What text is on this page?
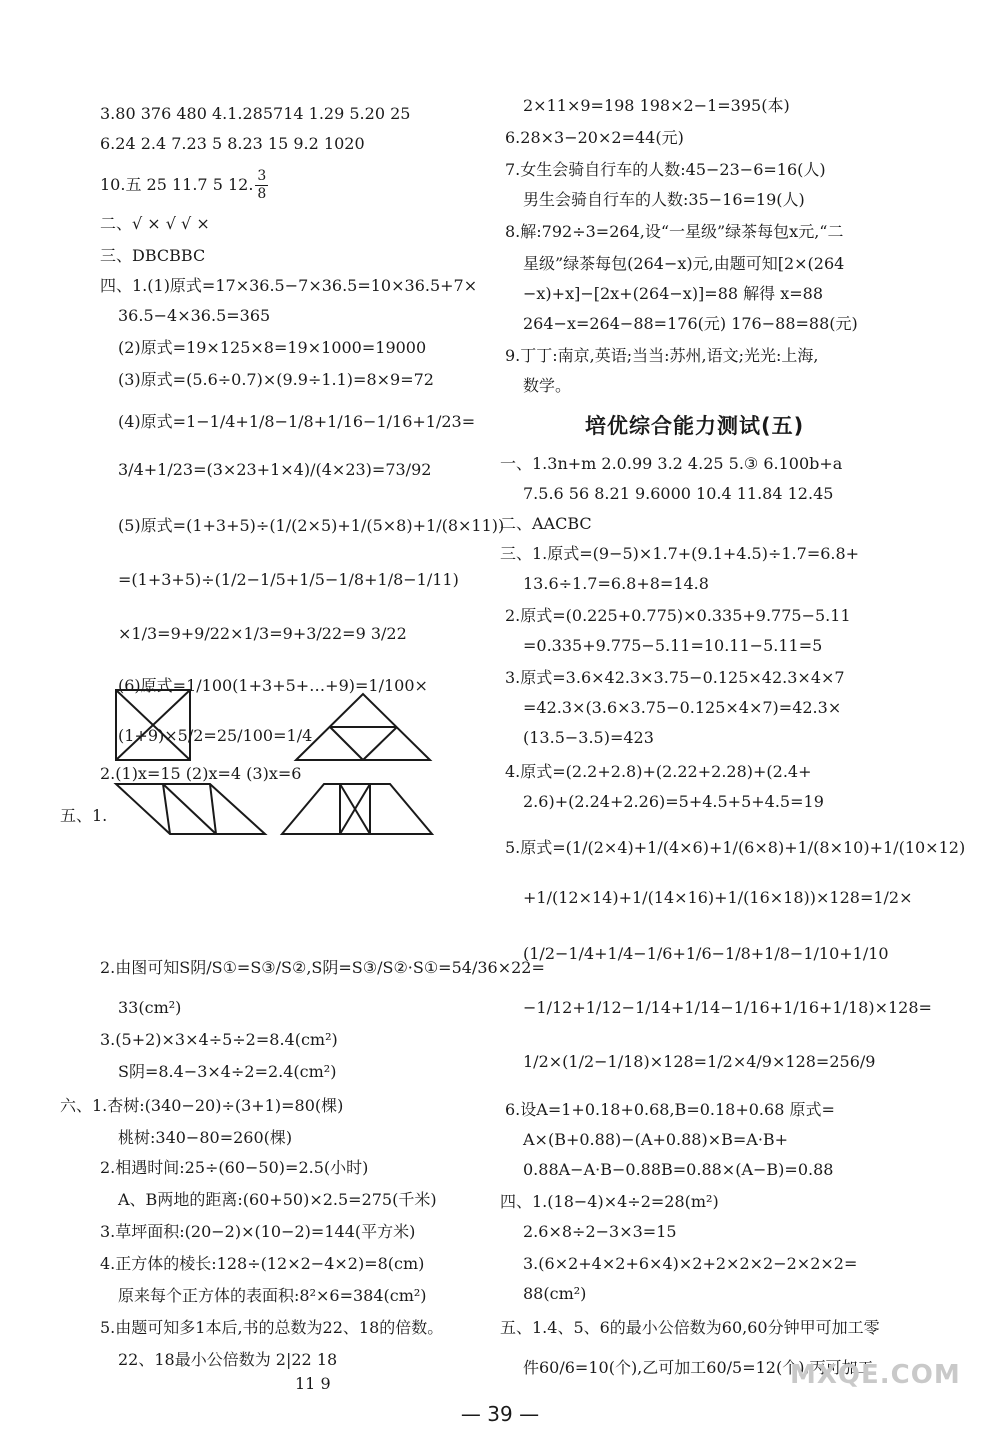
3.80 376 480 4.1.285714 1.29 5.20 25
6.24 2.4 7.23 5 8.23 15 9.2 1020
10.五 25 11.7 5 12. $\frac{3}{8}$
二、√ × √ √ ×
三、DBCBBC
四、1.(1)原式=17×36.5−7×36.5=10×36.5+7×
36.5−4×36.5=365
(2)原式=19×125×8=19×1000=19000
(3)原式=(5.6÷0.7)×(9.9÷1.1)=8×9=72
(4)原式=1−1/4+1/8−1/8+1/16−1/16+1/23=
3/4+1/23=(3×23+1×4)/(4×23)=73/92
(5)原式=(1+3+5)÷(1/(2×5)+1/(5×8)+1/(8×11))
=(1+3+5)÷(1/2−1/5+1/5−1/8+1/8−1/11)
×1/3=9+9/22×1/3=9+3/22=9 3/22
(6)原式=1/100(1+3+5+…+9)=1/100×
(1+9)×5/2=25/100=1/4
2.(1)x=15 (2)x=4 (3)x=6
五、1.
2.由图可知S阴/S①=S③/S②,S阴=S③/S②·S①=54/36×22=
33(cm²)
3.(5+2)×3×4÷5÷2=8.4(cm²)
S阴=8.4−3×4÷2=2.4(cm²)
六、1.杏树:(340−20)÷(3+1)=80(棵)
桃树:340−80=260(棵)
2.相遇时间:25÷(60−50)=2.5(小时)
A、B两地的距离:(60+50)×2.5=275(千米)
3.草坪面积:(20−2)×(10−2)=144(平方米)
4.正方体的棱长:128÷(12×2−4×2)=8(cm)
原来每个正方体的表面积:8²×6=384(cm²)
5.由题可知多1本后,书的总数为22、18的倍数。
22、18最小公倍数为 2|22 18
11 9
2×11×9=198 198×2−1=395(本)
6.28×3−20×2=44(元)
7.女生会骑自行车的人数:45−23−6=16(人)
男生会骑自行车的人数:35−16=19(人)
8.解:792÷3=264,设“一星级”绿茶每包x元,“二
星级”绿茶每包(264−x)元,由题可知[2×(264
−x)+x]−[2x+(264−x)]=88 解得 x=88
264−x=264−88=176(元) 176−88=88(元)
9.丁丁:南京,英语;当当:苏州,语文;光光:上海,
数学。
培优综合能力测试(五)
一、1.3n+m 2.0.99 3.2 4.25 5.③ 6.100b+a
7.5.6 56 8.21 9.6000 10.4 11.84 12.45
二、AACBC
三、1.原式=(9−5)×1.7+(9.1+4.5)÷1.7=6.8+
13.6÷1.7=6.8+8=14.8
2.原式=(0.225+0.775)×0.335+9.775−5.11
=0.335+9.775−5.11=10.11−5.11=5
3.原式=3.6×42.3×3.75−0.125×42.3×4×7
=42.3×(3.6×3.75−0.125×4×7)=42.3×
(13.5−3.5)=423
4.原式=(2.2+2.8)+(2.22+2.28)+(2.4+
2.6)+(2.24+2.26)=5+4.5+5+4.5=19
5.原式=(1/(2×4)+1/(4×6)+1/(6×8)+1/(8×10)+1/(10×12)
+1/(12×14)+1/(14×16)+1/(16×18))×128=1/2×
(1/2−1/4+1/4−1/6+1/6−1/8+1/8−1/10+1/10
−1/12+1/12−1/14+1/14−1/16+1/16+1/18)×128=
1/2×(1/2−1/18)×128=1/2×4/9×128=256/9
6.设A=1+0.18+0.68,B=0.18+0.68 原式=
A×(B+0.88)−(A+0.88)×B=A·B+
0.88A−A·B−0.88B=0.88×(A−B)=0.88
四、1.(18−4)×4÷2=28(m²)
2.6×8÷2−3×3=15
3.(6×2+4×2+6×4)×2+2×2×2−2×2×2=
88(cm²)
五、1.4、5、6的最小公倍数为60,60分钟甲可加工零
件60/6=10(个),乙可加工60/5=12(个),丙可加工
— 39 —
MXQE.COM
